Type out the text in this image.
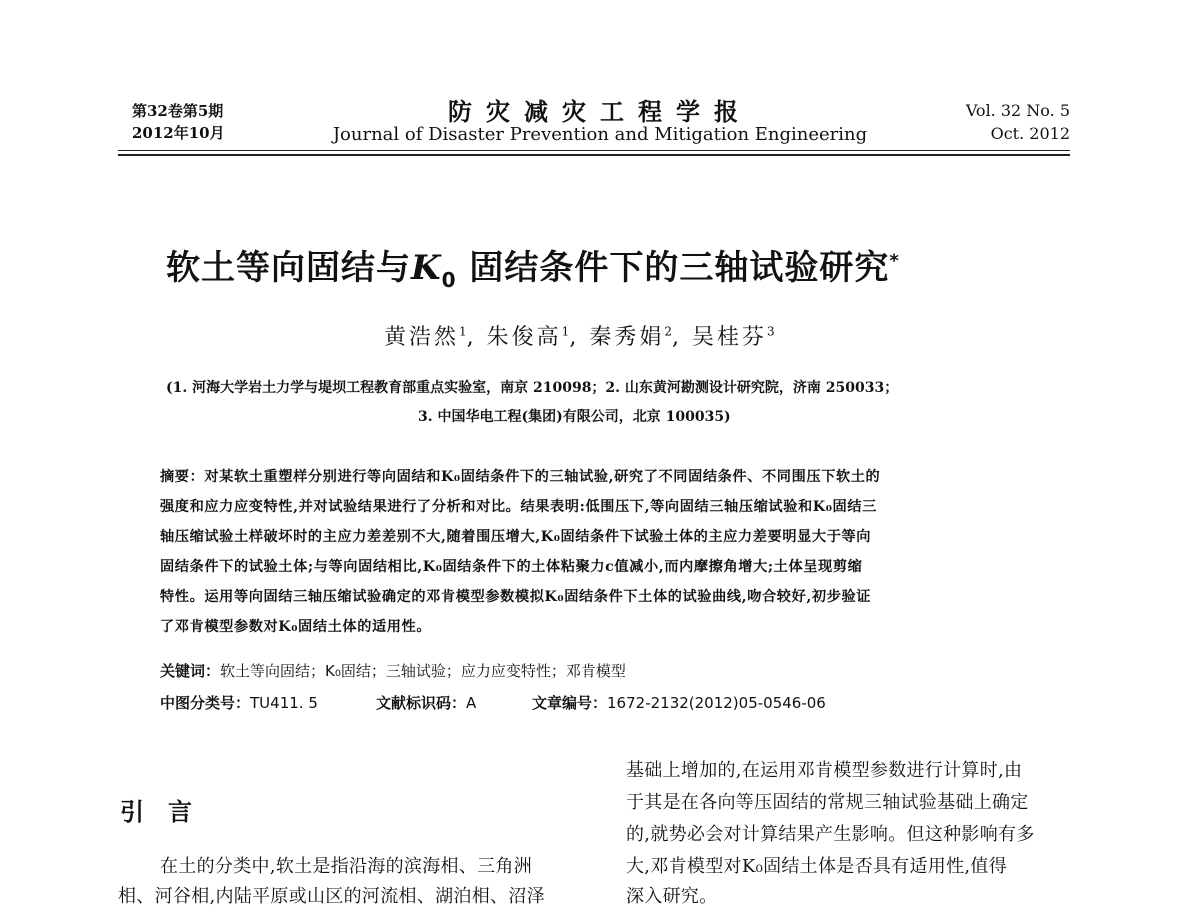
第32卷第5期
2012年10月
防灾减灾工程学报
Journal of Disaster Prevention and Mitigation Engineering
Vol. 32 No. 5
Oct. 2012
软土等向固结与$K_0$ 固结条件下的三轴试验研究*
黄浩然$^1$, 朱俊高$^1$, 秦秀娟$^2$, 吴桂芬$^3$
(1. 河海大学岩土力学与堤坝工程教育部重点实验室，南京 210098；2. 山东黄河勘测设计研究院，济南 250033；
3. 中国华电工程(集团)有限公司，北京 100035)
摘要：对某软土重塑样分别进行等向固结和K₀固结条件下的三轴试验,研究了不同固结条件、不同围压下软土的
强度和应力应变特性,并对试验结果进行了分析和对比。结果表明:低围压下,等向固结三轴压缩试验和K₀固结三
轴压缩试验土样破坏时的主应力差差别不大,随着围压增大,K₀固结条件下试验土体的主应力差要明显大于等向
固结条件下的试验土体;与等向固结相比,K₀固结条件下的土体粘聚力c值减小,而内摩擦角增大;土体呈现剪缩
特性。运用等向固结三轴压缩试验确定的邓肯模型参数模拟K₀固结条件下土体的试验曲线,吻合较好,初步验证
了邓肯模型参数对K₀固结土体的适用性。
关键词：软土等向固结；K₀固结；三轴试验；应力应变特性；邓肯模型
中图分类号：TU411. 5	文献标识码：A	文章编号：1672-2132(2012)05-0546-06
引言
在土的分类中,软土是指沿海的滨海相、三角洲
相、河谷相,内陆平原或山区的河流相、湖泊相、沼泽
基础上增加的,在运用邓肯模型参数进行计算时,由
于其是在各向等压固结的常规三轴试验基础上确定
的,就势必会对计算结果产生影响。但这种影响有多
大,邓肯模型对K₀固结土体是否具有适用性,值得
深入研究。
